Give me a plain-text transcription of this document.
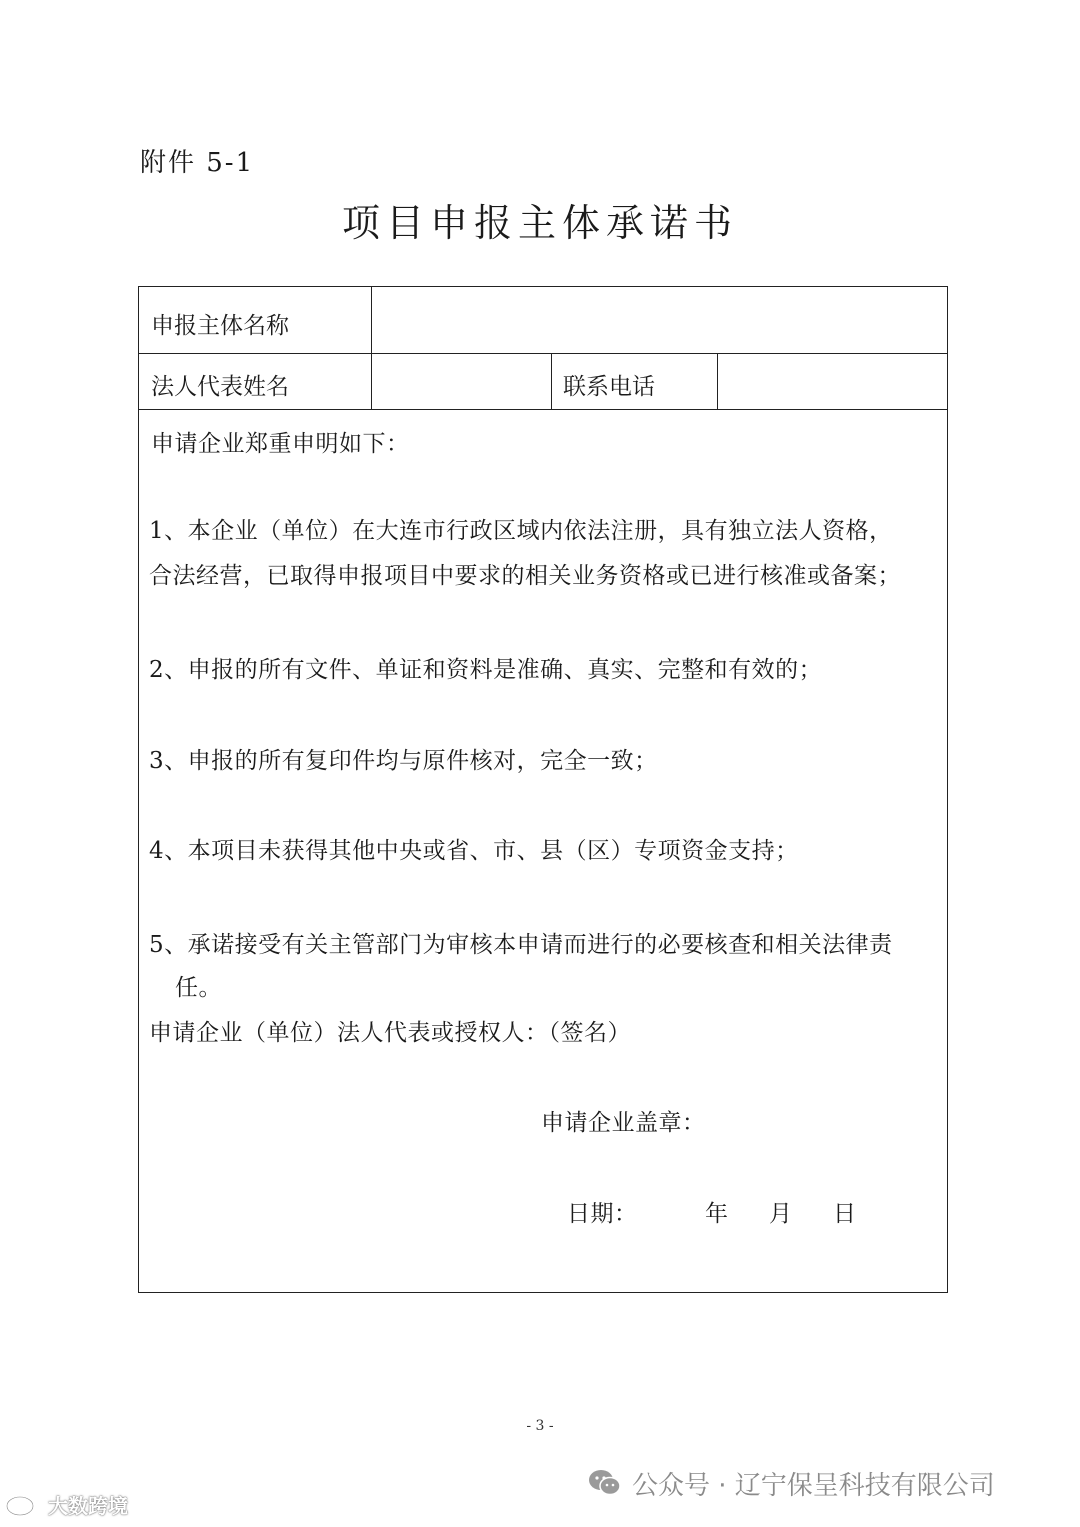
附件 5-1
项目申报主体承诺书
申报主体名称
法人代表姓名	联系电话
申请企业郑重申明如下：
1、本企业（单位）在大连市行政区域内依法注册，具有独立法人资格，
合法经营，已取得申报项目中要求的相关业务资格或已进行核准或备案；
2、申报的所有文件、单证和资料是准确、真实、完整和有效的；
3、申报的所有复印件均与原件核对，完全一致；
4、本项目未获得其他中央或省、市、县（区）专项资金支持；
5、承诺接受有关主管部门为审核本申请而进行的必要核查和相关法律责
任。
申请企业（单位）法人代表或授权人：（签名）
申请企业盖章：
日期：	年 月 日
- 3 -
公众号 · 辽宁保呈科技有限公司
大数跨境
